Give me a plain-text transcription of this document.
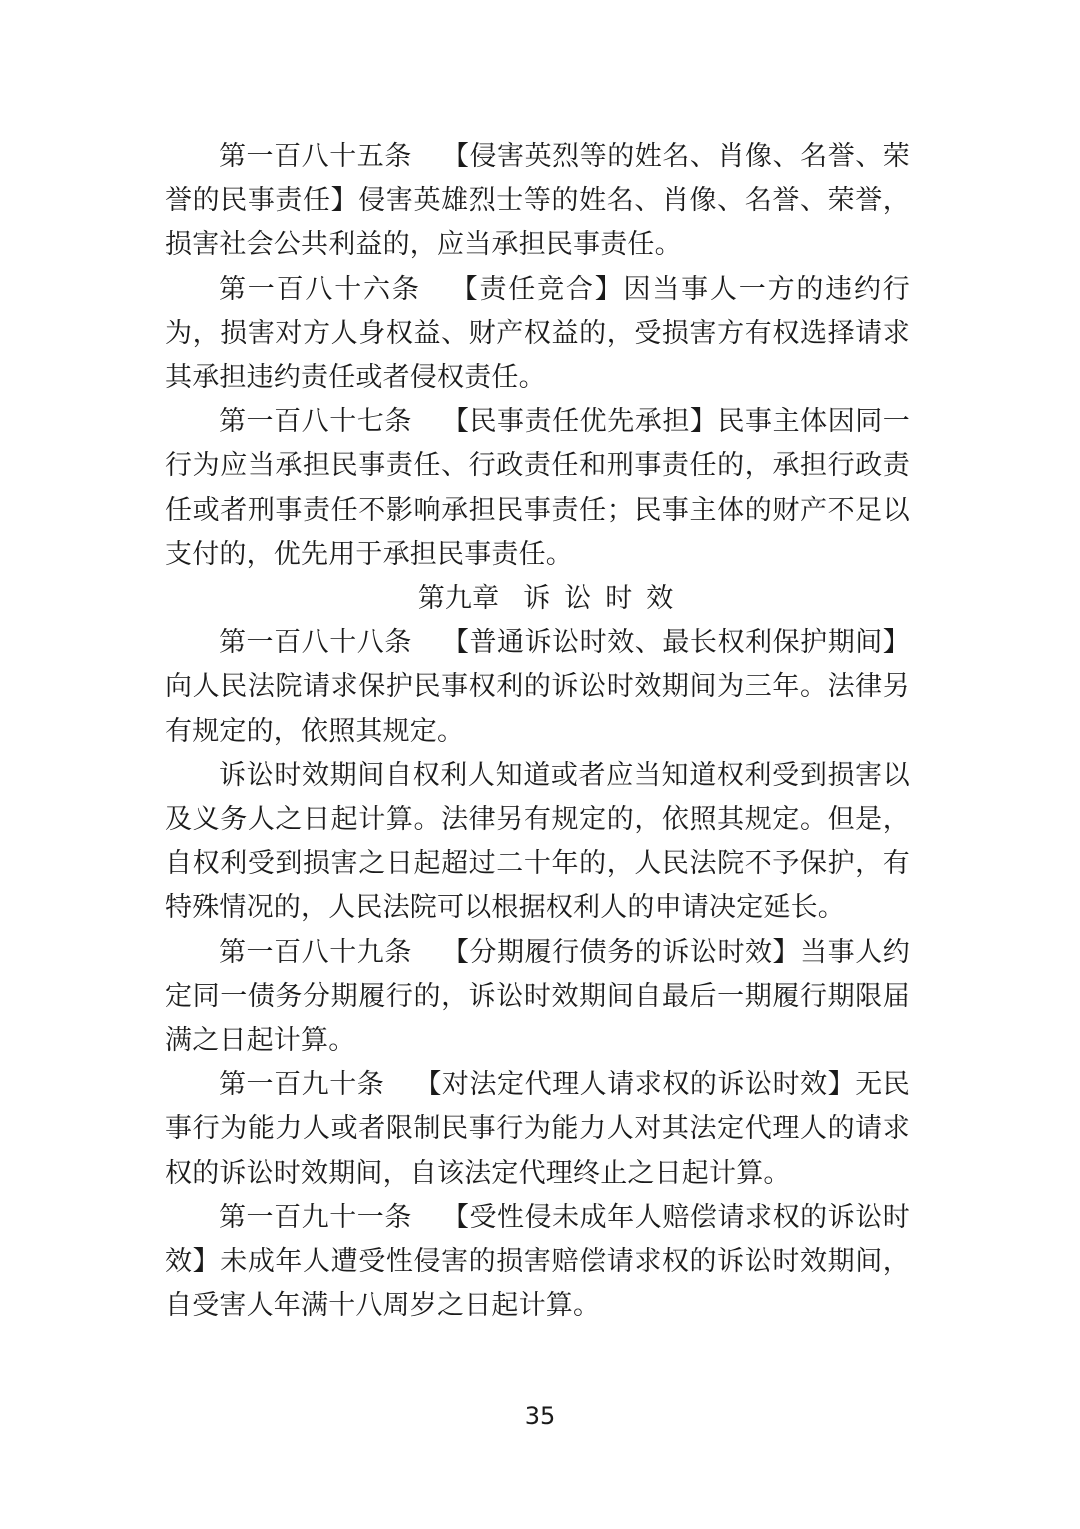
第一百八十五条 【侵害英烈等的姓名、肖像、名誉、荣誉的民事责任】侵害英雄烈士等的姓名、肖像、名誉、荣誉，损害社会公共利益的，应当承担民事责任。

第一百八十六条 【责任竞合】因当事人一方的违约行为，损害对方人身权益、财产权益的，受损害方有权选择请求其承担违约责任或者侵权责任。

第一百八十七条 【民事责任优先承担】民事主体因同一行为应当承担民事责任、行政责任和刑事责任的，承担行政责任或者刑事责任不影响承担民事责任；民事主体的财产不足以支付的，优先用于承担民事责任。

第九章 诉讼时效

第一百八十八条 【普通诉讼时效、最长权利保护期间】向人民法院请求保护民事权利的诉讼时效期间为三年。法律另有规定的，依照其规定。

诉讼时效期间自权利人知道或者应当知道权利受到损害以及义务人之日起计算。法律另有规定的，依照其规定。但是，自权利受到损害之日起超过二十年的，人民法院不予保护，有特殊情况的，人民法院可以根据权利人的申请决定延长。

第一百八十九条 【分期履行债务的诉讼时效】当事人约定同一债务分期履行的，诉讼时效期间自最后一期履行期限届满之日起计算。

第一百九十条 【对法定代理人请求权的诉讼时效】无民事行为能力人或者限制民事行为能力人对其法定代理人的请求权的诉讼时效期间，自该法定代理终止之日起计算。

第一百九十一条 【受性侵未成年人赔偿请求权的诉讼时效】未成年人遭受性侵害的损害赔偿请求权的诉讼时效期间，自受害人年满十八周岁之日起计算。

35
